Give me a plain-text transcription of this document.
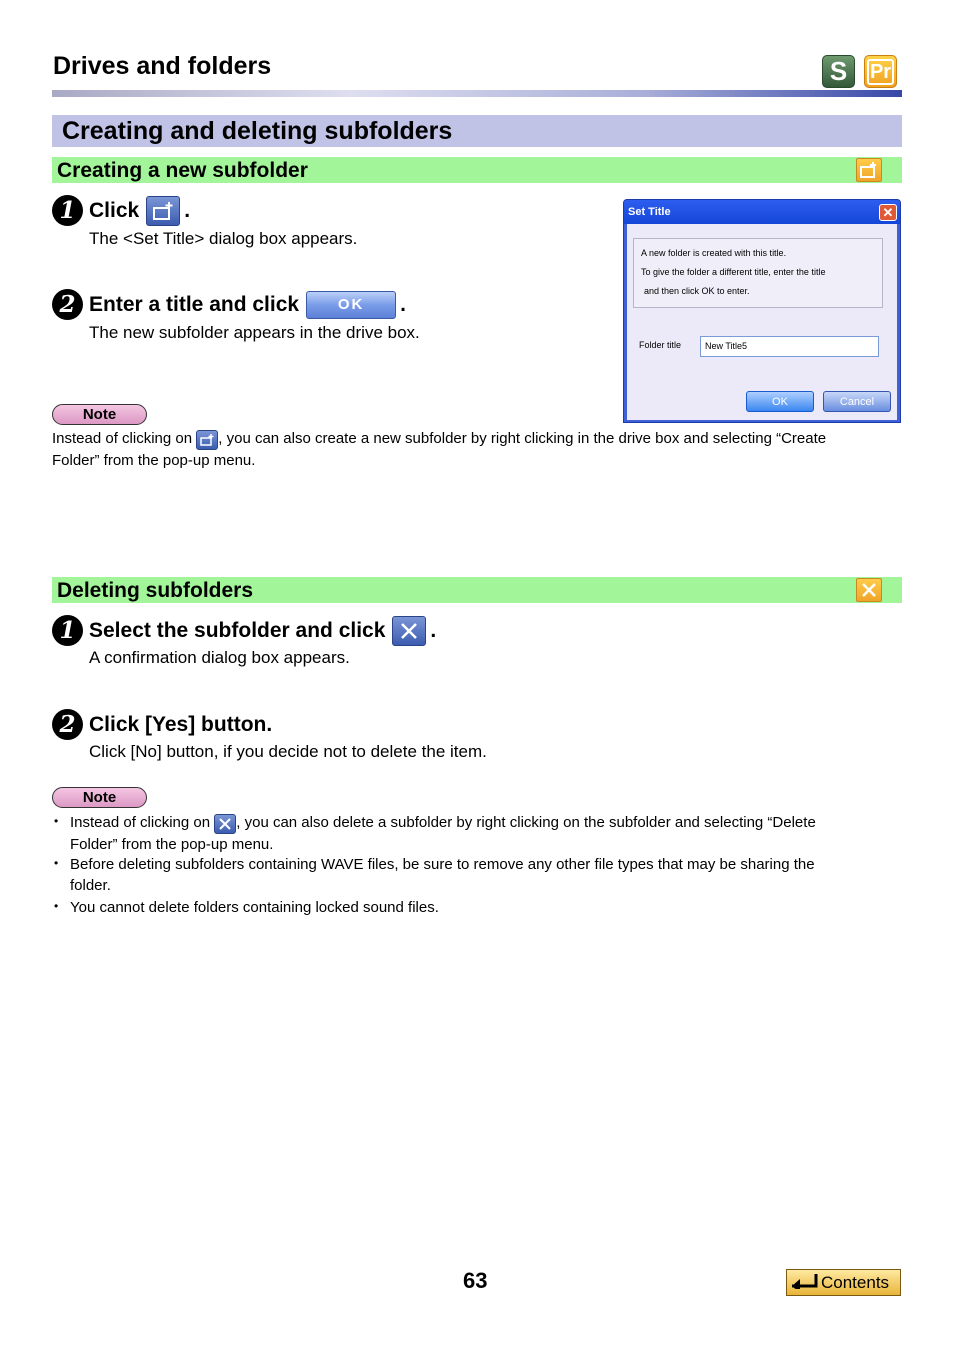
Drives and folders	S Pr
Creating and deleting subfolders
Creating a new subfolder
1 Click .
The <Set Title> dialog box appears.
2 Enter a title and click	OK	.
The new subfolder appears in the drive box.
Set Title	✕
A new folder is created with this title.
To give the folder a different title, enter the title
and then click OK to enter.
Folder title	New Title5
OK	Cancel
Note
Instead of clicking on , you can also create a new subfolder by right clicking in the drive box and selecting “Create Folder” from the pop-up menu.
Deleting subfolders
1 Select the subfolder and click .
A confirmation dialog box appears.
2 Click [Yes] button.
Click [No] button, if you decide not to delete the item.
Note
• Instead of clicking on , you can also delete a subfolder by right clicking on the subfolder and selecting “Delete
Folder” from the pop-up menu.
• Before deleting subfolders containing WAVE files, be sure to remove any other file types that may be sharing the
folder.
• You cannot delete folders containing locked sound files.
63	Contents
